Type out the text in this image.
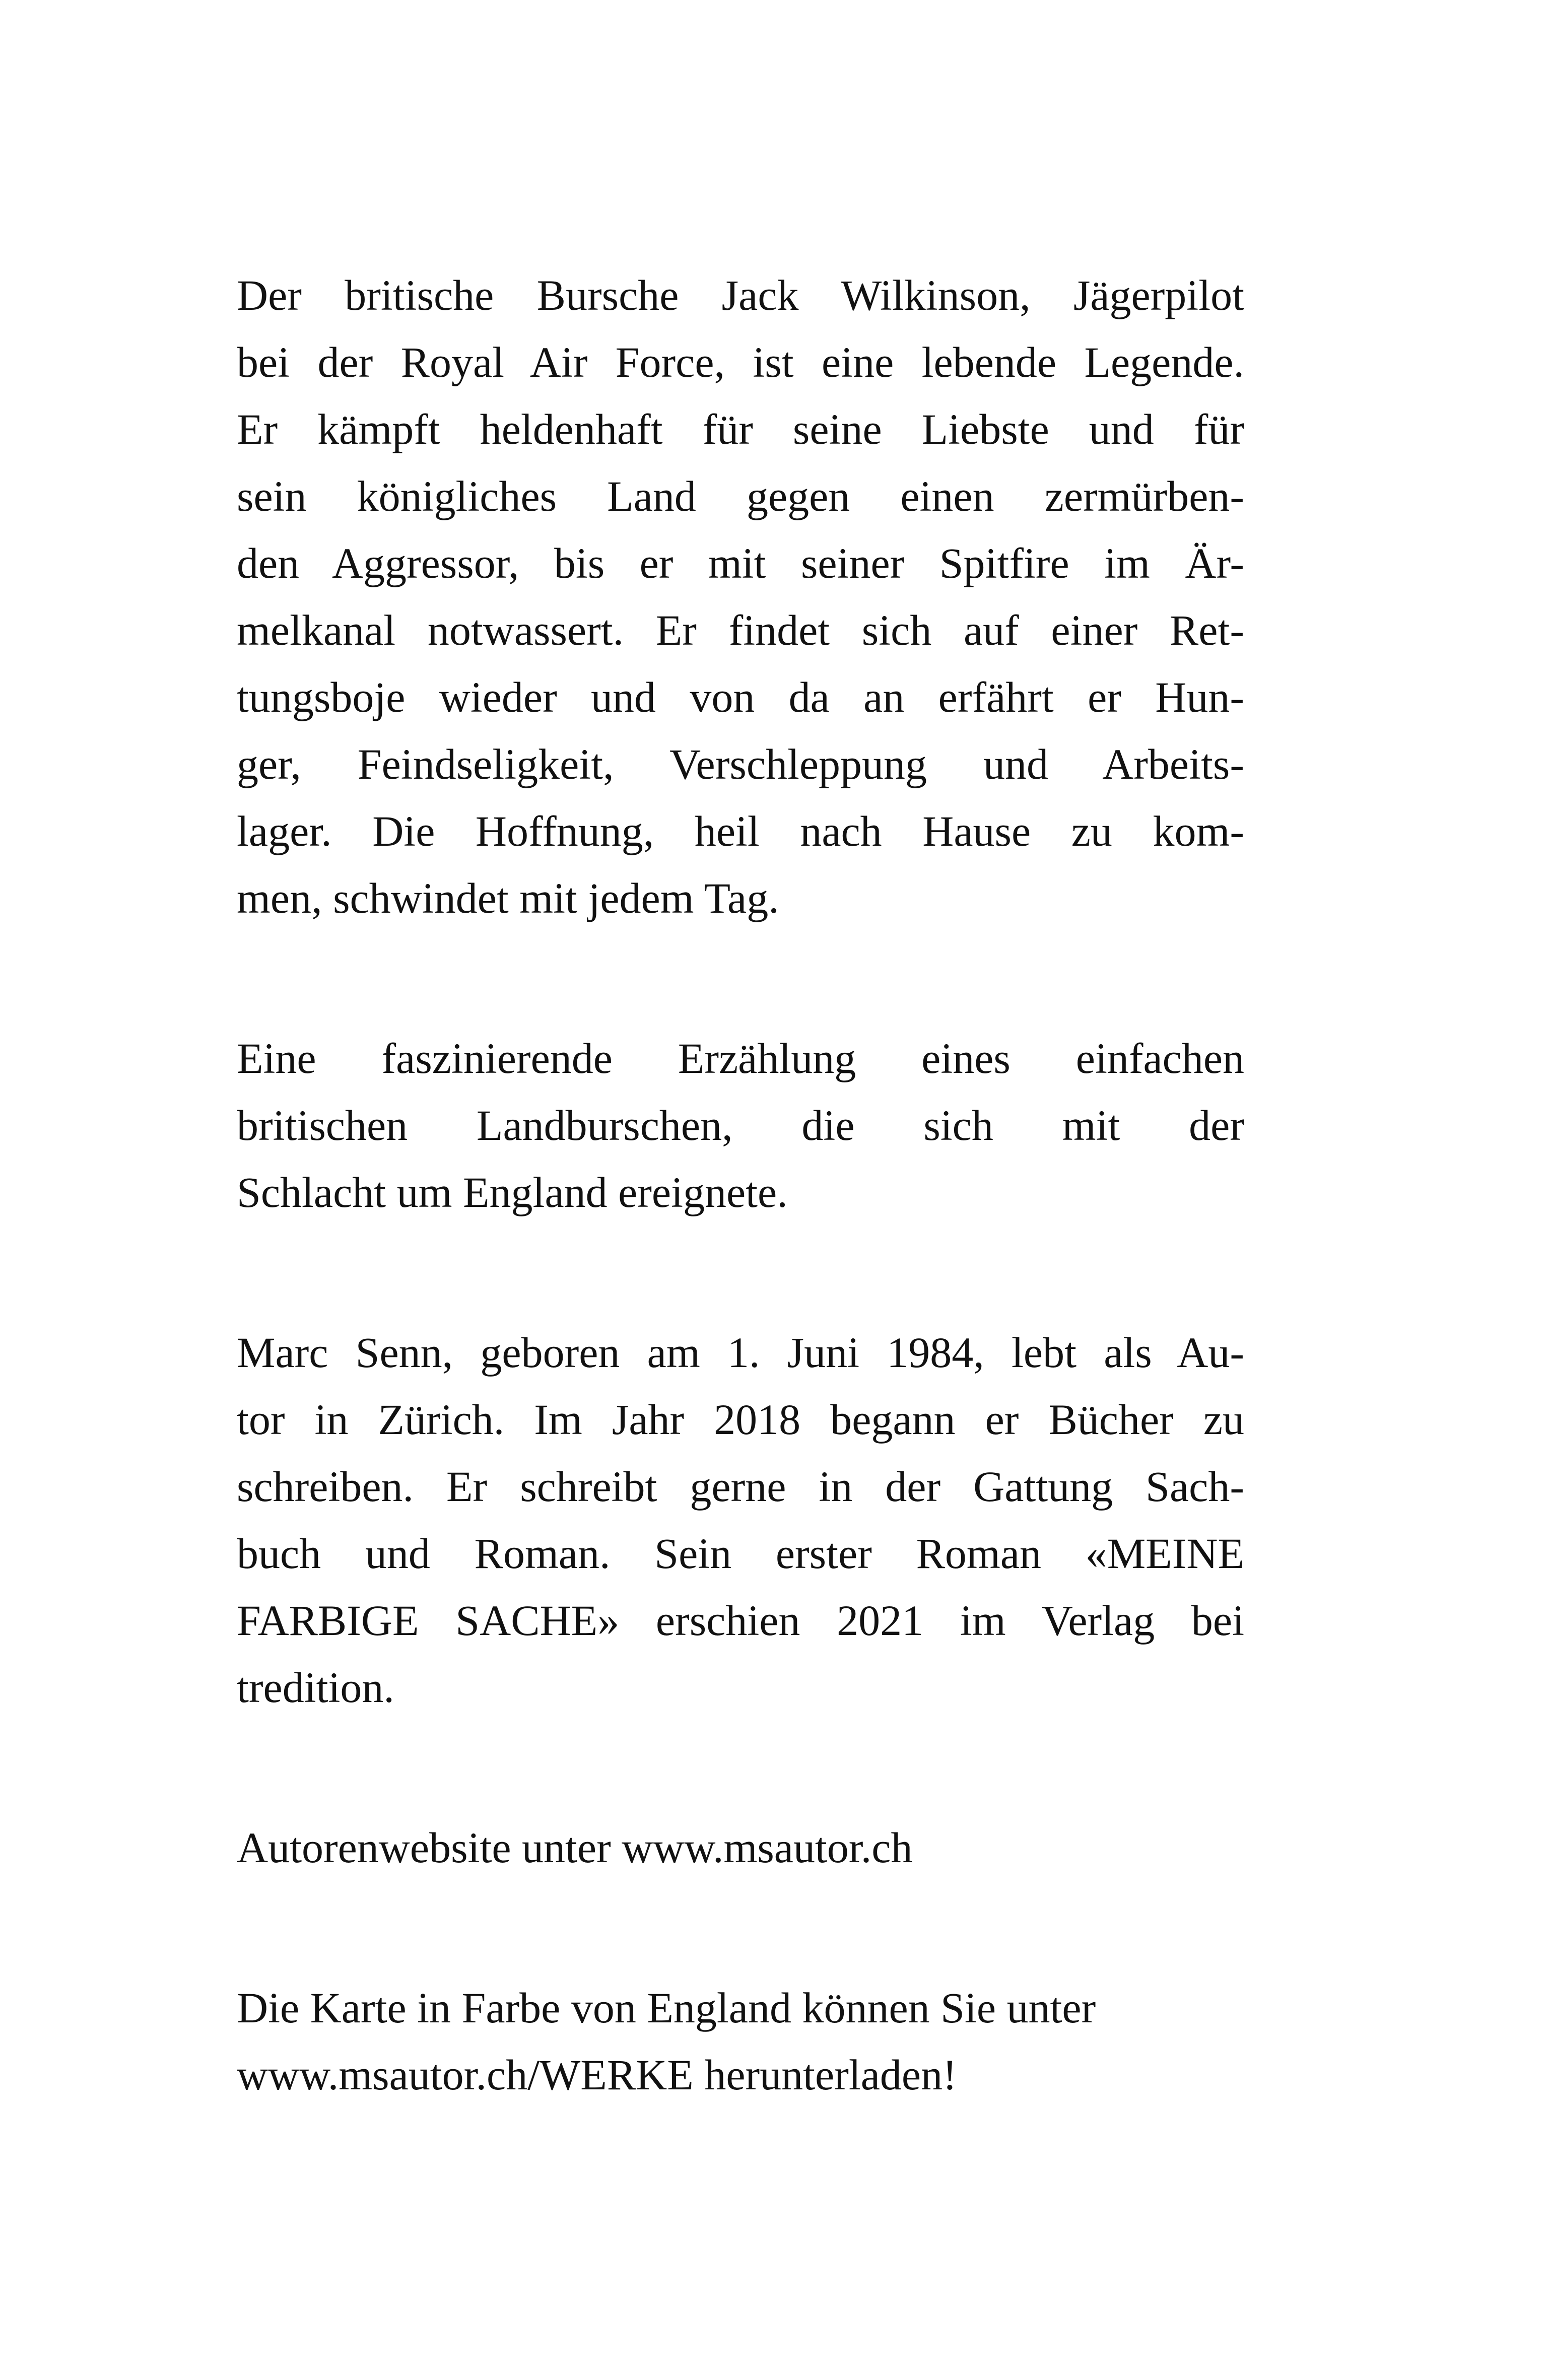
Der britische Bursche Jack Wilkinson, Jägerpilot
bei der Royal Air Force, ist eine lebende Legende.
Er kämpft heldenhaft für seine Liebste und für
sein königliches Land gegen einen zermürben-
den Aggressor, bis er mit seiner Spitfire im Är-
melkanal notwassert. Er findet sich auf einer Ret-
tungsboje wieder und von da an erfährt er Hun-
ger, Feindseligkeit, Verschleppung und Arbeits-
lager. Die Hoffnung, heil nach Hause zu kom-
men, schwindet mit jedem Tag.
Eine faszinierende Erzählung eines einfachen
britischen Landburschen, die sich mit der
Schlacht um England ereignete.
Marc Senn, geboren am 1. Juni 1984, lebt als Au-
tor in Zürich. Im Jahr 2018 begann er Bücher zu
schreiben. Er schreibt gerne in der Gattung Sach-
buch und Roman. Sein erster Roman «MEINE
FARBIGE SACHE» erschien 2021 im Verlag bei
tredition.
Autorenwebsite unter www.msautor.ch
Die Karte in Farbe von England können Sie unter
www.msautor.ch/WERKE herunterladen!
